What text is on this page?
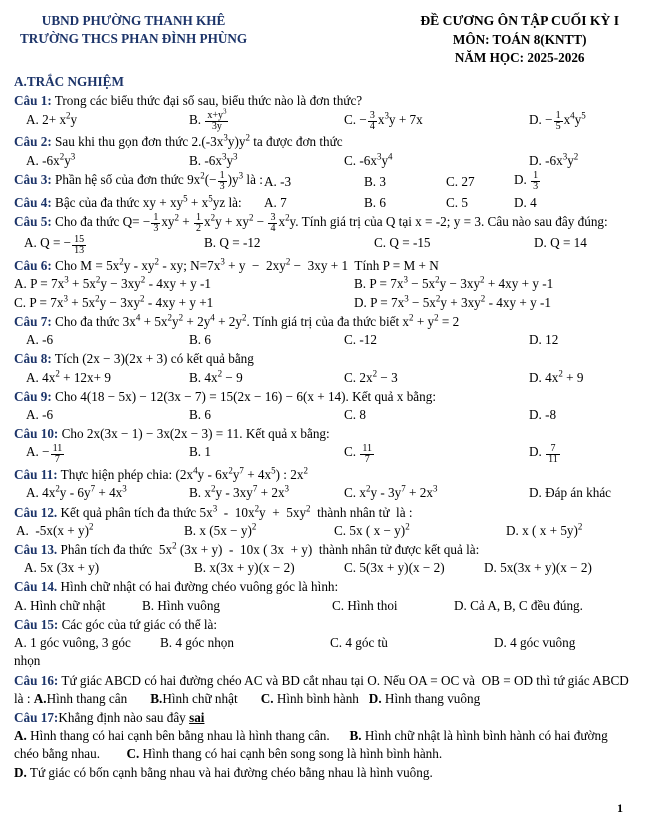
UBND PHƯỜNG THANH KHÊ
TRƯỜNG THCS PHAN ĐÌNH PHÙNG
ĐỀ CƯƠNG ÔN TẬP CUỐI KỲ I
MÔN: TOÁN 8(KNTT)
NĂM HỌC: 2025-2026
A.TRẮC NGHIỆM

Câu 1: Trong các biểu thức đại số sau, biểu thức nào là đơn thức?

A. $2+ x^2y$	B. $\frac{x+y^3}{3y}$	C. − $\frac{3}{4} x^3y + 7x$	D. − $\frac{1}{5} x^4y^5$

Câu 2: Sau khi thu gọn đơn thức $2.(-3x^3y)y^2$ ta được đơn thức

A. $-6x^2y^3$	B. $-6x^3y^3$	C. $-6x^3y^4$	D. $-6x^3y^2$

Câu 3: Phần hệ số của đơn thức $9x^2(- \frac{1}{3} )y^3$ là : A. -3	B. 3	C. 27	D. $\frac{1}{3}$

Câu 4: Bậc của đa thức xy + $xy^5 + x^5yz$ là:	A. 7	B. 6	C. 5	D. 4

Câu 5: Cho đa thức $Q= - \frac{1}{3} xy^2 + \frac{1}{2} x^2y + xy^2 - \frac{3}{4} x^2y$. Tính giá trị của Q tại x = -2; y = 3. Câu nào sau đây đúng:

A. Q = − $\frac{15}{13}$	B. Q = -12	C. Q = -15	D. Q = 14

Câu 6: Cho $M = 5x^2y - xy^2$ - xy; $N=7x^3 + y - 2xy^2 - 3xy + 1$  Tính P = M + N

A. $P = 7x^3 + 5x^2y - 3xy^2 - 4xy + y$ -1	B. $P = 7x^3 - 5x^2y - 3xy^2 + 4xy + y$ -1
C. $P = 7x^3 + 5x^2y - 3xy^2 - 4xy + y +1$	D. $P = 7x^3 - 5x^2y + 3xy^2 - 4xy + y$ -1

Câu 7: Cho đa thức $3x^4 + 5x^2y^2 + 2y^4 + 2y^2$. Tính giá trị của đa thức biết $x^2 + y^2 = 2$

A. -6	B. 6	C. -12	D. 12

Câu 8: Tích (2x − 3)(2x + 3) có kết quả bằng

A. $4x^2 + 12x+ 9$	B. $4x^2 - 9$	C. $2x^2 - 3$	D. $4x^2 + 9$

Câu 9: Cho 4(18 − 5x) − 12(3x − 7) = 15(2x − 16) − 6(x + 14). Kết quả x bằng:

A. -6	B. 6	C. 8	D. -8

Câu 10: Cho 2x(3x − 1) − 3x(2x − 3) = 11. Kết quả x bằng:

A. − $\frac{11}{7}$	B. 1	C. $\frac{11}{7}$	D. $\frac{7}{11}$

Câu 11: Thực hiện phép chia: $(2x^4y - 6x^2y^7 + 4x^5)$ : $2x^2$

A. $4x^2y - 6y^7 + 4x^3$	B. $x^2y - 3xy^7 + 2x^3$	C. $x^2y - 3y^7 + 2x^3$	D. Đáp án khác

Câu 12. Kết quả phân tích đa thức $5x^3 - 10x^2y + 5xy^2$  thành nhân tử  là :

A.  $-5x(x + y)^2$	B. x $(5x - y)^2$	C. 5x ( x − y)$^2$	D. x ( x + 5y)$^2$

Câu 13. Phân tích đa thức  $5x^2$ (3x + y)  -  10x ( 3x  + y)  thành nhân tử được kết quả là:

A. 5x (3x + y)	B. x(3x + y)(x − 2)	C. 5(3x + y)(x − 2)	D. 5x(3x + y)(x − 2)

Câu 14. Hình chữ nhật có hai đường chéo vuông góc là hình:

A. Hình chữ nhật	B. Hình vuông	C. Hình thoi	D. Cả A, B, C đều đúng.

Câu 15: Các góc của tứ giác có thể là:

A. 1 góc vuông, 3 góc nhọn
B. 4 góc nhọn	C. 4 góc tù	D. 4 góc vuông

Câu 16: Tứ giác ABCD có hai đường chéo AC và BD cắt nhau tại O. Nếu OA = OC và  OB = OD thì tứ giác ABCD là : A.Hình thang cân       B.Hình chữ nhật       C. Hình bình hành   D. Hình thang vuông

Câu 17:Khẳng định nào sau đây sai

A. Hình thang có hai cạnh bên bằng nhau là hình thang cân.      B. Hình chữ nhật là hình bình hành có hai đường chéo bằng nhau.        C. Hình thang có hai cạnh bên song song là hình bình hành.

D. Tứ giác có bốn cạnh bằng nhau và hai đường chéo bằng nhau là hình vuông.

1
